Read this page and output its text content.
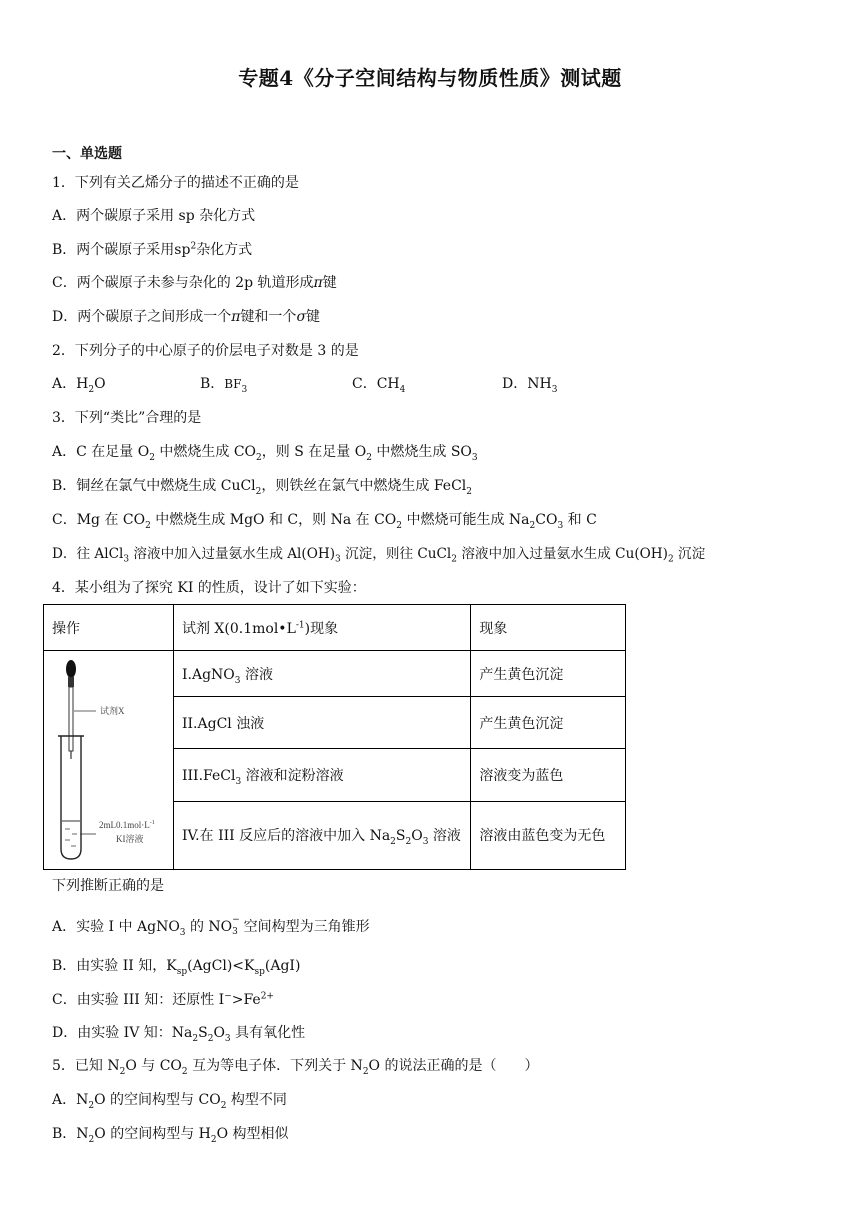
专题4《分子空间结构与物质性质》测试题
一、单选题
1．下列有关乙烯分子的描述不正确的是
A．两个碳原子采用 sp 杂化方式
B．两个碳原子采用$sp^2$杂化方式
C．两个碳原子未参与杂化的 2p 轨道形成π键
D．两个碳原子之间形成一个π键和一个σ键
2．下列分子的中心原子的价层电子对数是 3 的是
A．$H_2O$	B．$BF_3$	C．$CH_4$	D．$NH_3$
3．下列“类比”合理的是
A．C 在足量 $O_2$ 中燃烧生成 $CO_2$，则 S 在足量 $O_2$ 中燃烧生成 $SO_3$
B．铜丝在氯气中燃烧生成 CuCl$_2$，则铁丝在氯气中燃烧生成 FeCl$_2$
C．Mg 在 $CO_2$ 中燃烧生成 MgO 和 C，则 Na 在 $CO_2$ 中燃烧可能生成 $Na_2CO_3$ 和 C
D．往 AlCl$_3$ 溶液中加入过量氨水生成 $Al(OH)_3$ 沉淀，则往 CuCl$_2$ 溶液中加入过量氨水生成 $Cu(OH)_2$ 沉淀
4．某小组为了探究 KI 的性质，设计了如下实验：
操作	试剂 $X(0.1mol•L^{-1})$现象	现象

试剂X
$2mL0.1mol\cdot L^{-1}$
KI溶液	I.AgNO$_3$ 溶液	产生黄色沉淀
	II.AgCl 浊液	产生黄色沉淀
	III.FeCl$_3$ 溶液和淀粉溶液	溶液变为蓝色
	IV.在 III 反应后的溶液中加入 $Na_2S_2O_3$ 溶液	溶液由蓝色变为无色
下列推断正确的是
A．实验 I 中 AgNO$_3$ 的 NO −
3 空间构型为三角锥形
B．由实验 II 知，$K_{sp}(AgCl)<K_{sp}(AgI)$
C．由实验 III 知：还原性 $I^->Fe^{2+}$
D．由实验 IV 知：$Na_2S_2O_3$ 具有氧化性
5．已知 $N_2O$ 与 $CO_2$ 互为等电子体．下列关于 $N_2O$ 的说法正确的是（　　）
A．$N_2O$ 的空间构型与 $CO_2$ 构型不同
B．$N_2O$ 的空间构型与 $H_2O$ 构型相似
